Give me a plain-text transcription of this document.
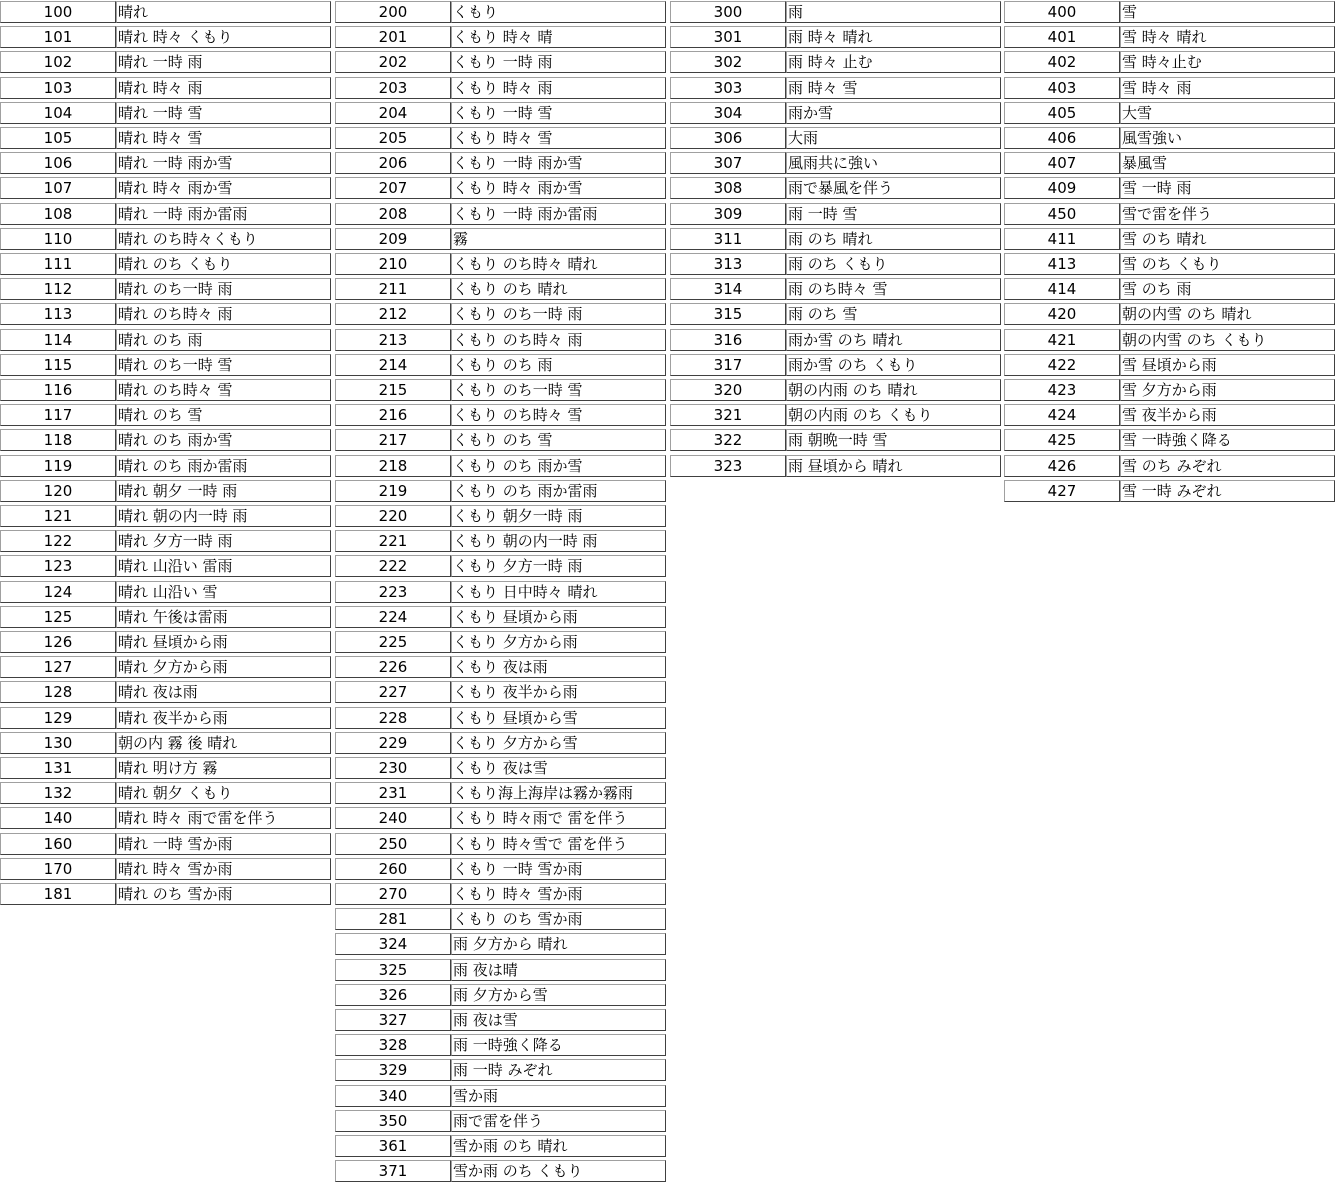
100	晴れ
101	晴れ 時々 くもり
102	晴れ 一時 雨
103	晴れ 時々 雨
104	晴れ 一時 雪
105	晴れ 時々 雪
106	晴れ 一時 雨か雪
107	晴れ 時々 雨か雪
108	晴れ 一時 雨か雷雨
110	晴れ のち時々くもり
111	晴れ のち くもり
112	晴れ のち一時 雨
113	晴れ のち時々 雨
114	晴れ のち 雨
115	晴れ のち一時 雪
116	晴れ のち時々 雪
117	晴れ のち 雪
118	晴れ のち 雨か雪
119	晴れ のち 雨か雷雨
120	晴れ 朝夕 一時 雨
121	晴れ 朝の内一時 雨
122	晴れ 夕方一時 雨
123	晴れ 山沿い 雷雨
124	晴れ 山沿い 雪
125	晴れ 午後は雷雨
126	晴れ 昼頃から雨
127	晴れ 夕方から雨
128	晴れ 夜は雨
129	晴れ 夜半から雨
130	朝の内 霧 後 晴れ
131	晴れ 明け方 霧
132	晴れ 朝夕 くもり
140	晴れ 時々 雨で雷を伴う
160	晴れ 一時 雪か雨
170	晴れ 時々 雪か雨
181	晴れ のち 雪か雨
200	くもり
201	くもり 時々 晴
202	くもり 一時 雨
203	くもり 時々 雨
204	くもり 一時 雪
205	くもり 時々 雪
206	くもり 一時 雨か雪
207	くもり 時々 雨か雪
208	くもり 一時 雨か雷雨
209	霧
210	くもり のち時々 晴れ
211	くもり のち 晴れ
212	くもり のち一時 雨
213	くもり のち時々 雨
214	くもり のち 雨
215	くもり のち一時 雪
216	くもり のち時々 雪
217	くもり のち 雪
218	くもり のち 雨か雪
219	くもり のち 雨か雷雨
220	くもり 朝夕一時 雨
221	くもり 朝の内一時 雨
222	くもり 夕方一時 雨
223	くもり 日中時々 晴れ
224	くもり 昼頃から雨
225	くもり 夕方から雨
226	くもり 夜は雨
227	くもり 夜半から雨
228	くもり 昼頃から雪
229	くもり 夕方から雪
230	くもり 夜は雪
231	くもり海上海岸は霧か霧雨
240	くもり 時々雨で 雷を伴う
250	くもり 時々雪で 雷を伴う
260	くもり 一時 雪か雨
270	くもり 時々 雪か雨
281	くもり のち 雪か雨
324	雨 夕方から 晴れ
325	雨 夜は晴
326	雨 夕方から雪
327	雨 夜は雪
328	雨 一時強く降る
329	雨 一時 みぞれ
340	雪か雨
350	雨で雷を伴う
361	雪か雨 のち 晴れ
371	雪か雨 のち くもり
300	雨
301	雨 時々 晴れ
302	雨 時々 止む
303	雨 時々 雪
304	雨か雪
306	大雨
307	風雨共に強い
308	雨で暴風を伴う
309	雨 一時 雪
311	雨 のち 晴れ
313	雨 のち くもり
314	雨 のち時々 雪
315	雨 のち 雪
316	雨か雪 のち 晴れ
317	雨か雪 のち くもり
320	朝の内雨 のち 晴れ
321	朝の内雨 のち くもり
322	雨 朝晩一時 雪
323	雨 昼頃から 晴れ
400	雪
401	雪 時々 晴れ
402	雪 時々止む
403	雪 時々 雨
405	大雪
406	風雪強い
407	暴風雪
409	雪 一時 雨
450	雪で雷を伴う
411	雪 のち 晴れ
413	雪 のち くもり
414	雪 のち 雨
420	朝の内雪 のち 晴れ
421	朝の内雪 のち くもり
422	雪 昼頃から雨
423	雪 夕方から雨
424	雪 夜半から雨
425	雪 一時強く降る
426	雪 のち みぞれ
427	雪 一時 みぞれ
